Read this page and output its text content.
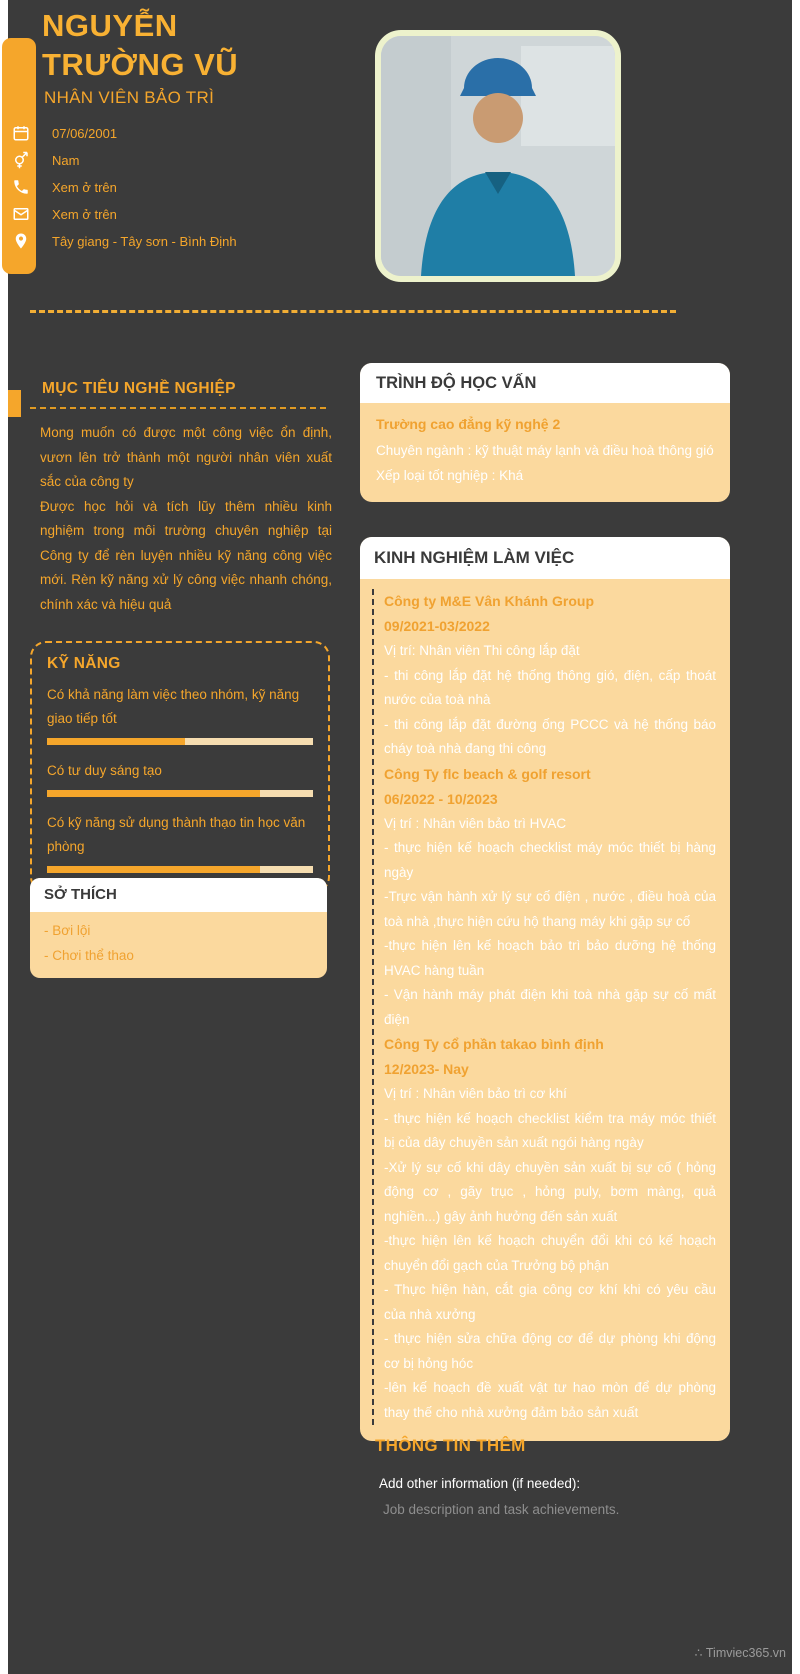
NGUYỄN
TRƯỜNG VŨ
NHÂN VIÊN BẢO TRÌ
07/06/2001
Nam
Xem ở trên
Xem ở trên
Tây giang - Tây sơn - Bình Định
MỤC TIÊU NGHỀ NGHIỆP
Mong muốn có được một công việc ổn định, vươn lên trở thành một người nhân viên xuất sắc của công ty
Được học hỏi và tích lũy thêm nhiều kinh nghiệm trong môi trường chuyên nghiệp tại Công ty để rèn luyện nhiều kỹ năng công việc mới. Rèn kỹ năng xử lý công việc nhanh chóng, chính xác và hiệu quả
KỸ NĂNG
Có khả năng làm việc theo nhóm, kỹ năng giao tiếp tốt
Có tư duy sáng tạo
Có kỹ năng sử dụng thành thạo tin học văn phòng
SỞ THÍCH
- Bơi lội
- Chơi thể thao
TRÌNH ĐỘ HỌC VẤN
Trường cao đẳng kỹ nghệ 2
Chuyên ngành : kỹ thuật máy lạnh và điều hoà thông gió
Xếp loại tốt nghiệp : Khá
KINH NGHIỆM LÀM VIỆC
Công ty M&E Vân Khánh Group
09/2021-03/2022
Vị trí: Nhân viên Thi công lắp đặt
- thi công lắp đặt hệ thống thông gió, điện, cấp thoát nước của toà nhà
- thi công lắp đặt đường ống PCCC và hệ thống báo cháy toà nhà đang thi công
Công Ty flc beach & golf resort
06/2022 - 10/2023
Vị trí : Nhân viên bảo trì HVAC
- thực hiện kế hoạch checklist máy móc thiết bị hàng ngày
-Trực vận hành xử lý sự cố điện , nước , điều hoà của toà nhà ,thực hiện cứu hộ thang máy khi gặp sự cố
-thực hiện lên kế hoạch bảo trì bảo dưỡng hệ thống HVAC hàng tuần
- Vận hành máy phát điện khi toà nhà gặp sự cố mất điện
Công Ty cổ phần takao bình định
12/2023- Nay
Vị trí : Nhân viên bảo trì cơ khí
- thực hiện kế hoạch checklist kiểm tra máy móc thiết bị của dây chuyền sản xuất ngói hàng ngày
-Xử lý sự cố khi dây chuyền sản xuất bị sự cố ( hỏng động cơ , gãy trục , hỏng puly, bơm màng, quả nghiền...) gây ảnh hưởng đến sản xuất
-thực hiện lên kế hoạch chuyển đổi khi có kế hoạch chuyển đổi gạch của Trưởng bộ phận
- Thực hiện hàn, cắt gia công cơ khí khi có yêu cầu của nhà xưởng
- thực hiện sửa chữa động cơ để dự phòng khi động cơ bị hỏng hóc
-lên kế hoạch đề xuất vật tư hao mòn để dự phòng thay thế cho nhà xưởng đảm bảo sản xuất
THÔNG TIN THÊM
Add other information (if needed):
Job description and task achievements.
∴ Timviec365.vn
